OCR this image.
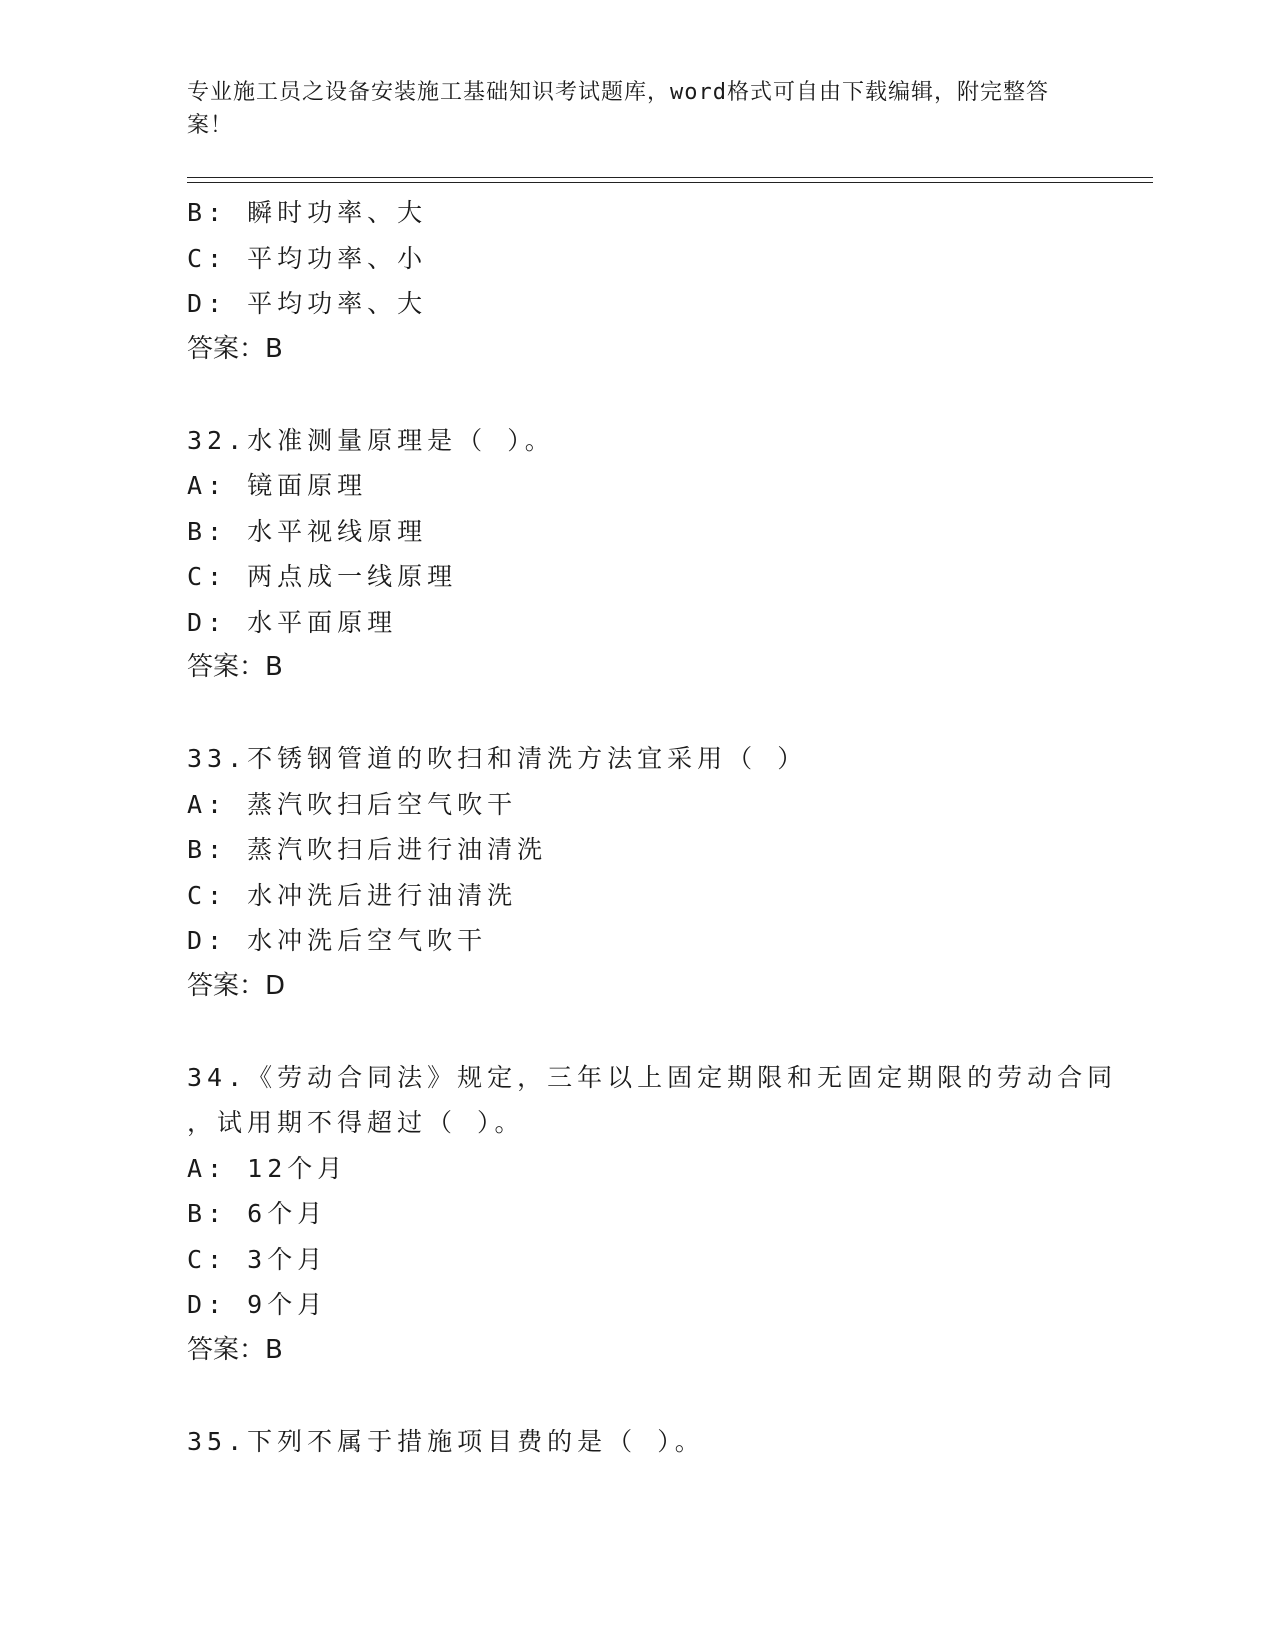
专业施工员之设备安装施工基础知识考试题库，word格式可自由下载编辑，附完整答案！
B: 瞬时功率、大
C: 平均功率、小
D: 平均功率、大
答案：B
32.水准测量原理是（ ）。
A: 镜面原理
B: 水平视线原理
C: 两点成一线原理
D: 水平面原理
答案：B
33.不锈钢管道的吹扫和清洗方法宜采用（ ）
A: 蒸汽吹扫后空气吹干
B: 蒸汽吹扫后进行油清洗
C: 水冲洗后进行油清洗
D: 水冲洗后空气吹干
答案：D
34.《劳动合同法》规定，三年以上固定期限和无固定期限的劳动合同
，试用期不得超过（ ）。
A: 12个月
B: 6个月
C: 3个月
D: 9个月
答案：B
35.下列不属于措施项目费的是（ ）。
